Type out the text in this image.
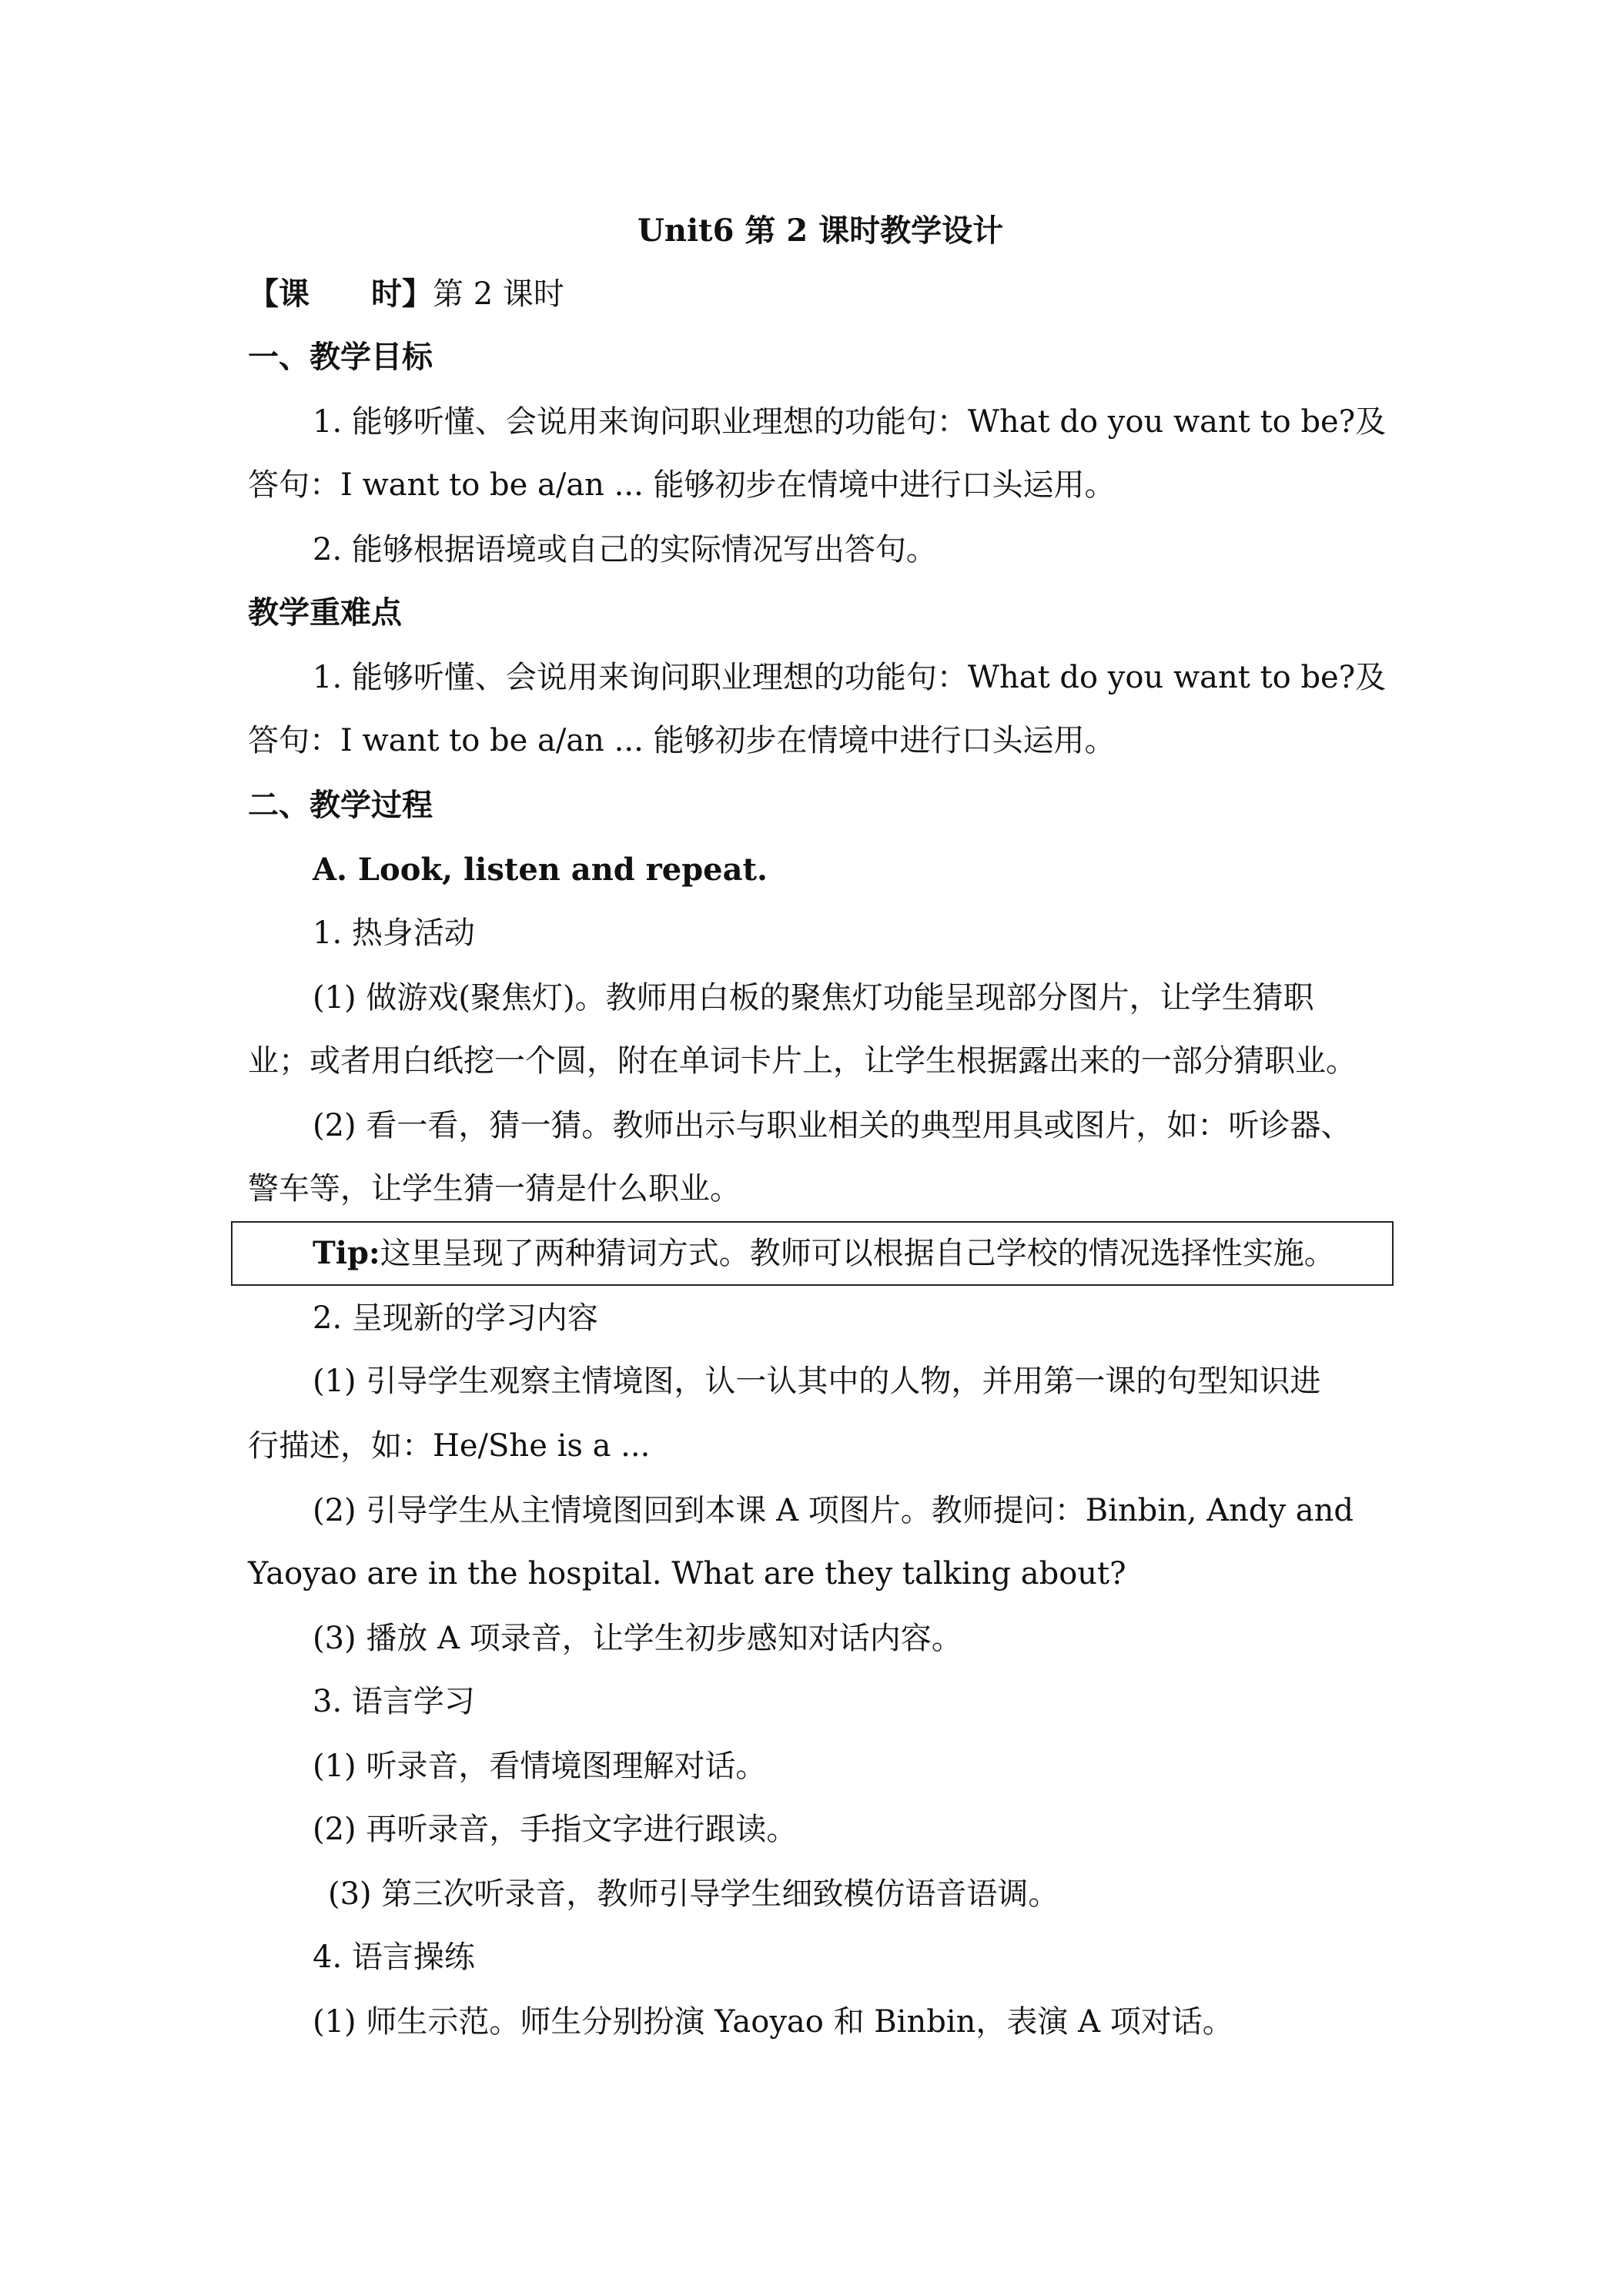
Unit6 第 2 课时教学设计
【课　　时】第 2 课时
一、教学目标
1. 能够听懂、会说用来询问职业理想的功能句：What do you want to be?及
答句：I want to be a/an ... 能够初步在情境中进行口头运用。
2. 能够根据语境或自己的实际情况写出答句。
教学重难点
1. 能够听懂、会说用来询问职业理想的功能句：What do you want to be?及
答句：I want to be a/an ... 能够初步在情境中进行口头运用。
二、教学过程
A. Look, listen and repeat.
1. 热身活动
(1) 做游戏(聚焦灯)。教师用白板的聚焦灯功能呈现部分图片，让学生猜职
业；或者用白纸挖一个圆，附在单词卡片上，让学生根据露出来的一部分猜职业。
(2) 看一看，猜一猜。教师出示与职业相关的典型用具或图片，如：听诊器、
警车等，让学生猜一猜是什么职业。
Tip:这里呈现了两种猜词方式。教师可以根据自己学校的情况选择性实施。
2. 呈现新的学习内容
(1) 引导学生观察主情境图，认一认其中的人物，并用第一课的句型知识进
行描述，如：He/She is a ...
(2) 引导学生从主情境图回到本课 A 项图片。教师提问：Binbin, Andy and
Yaoyao are in the hospital. What are they talking about?
(3) 播放 A 项录音，让学生初步感知对话内容。
3. 语言学习
(1) 听录音，看情境图理解对话。
(2) 再听录音，手指文字进行跟读。
(3) 第三次听录音，教师引导学生细致模仿语音语调。
4. 语言操练
(1) 师生示范。师生分别扮演 Yaoyao 和 Binbin，表演 A 项对话。
